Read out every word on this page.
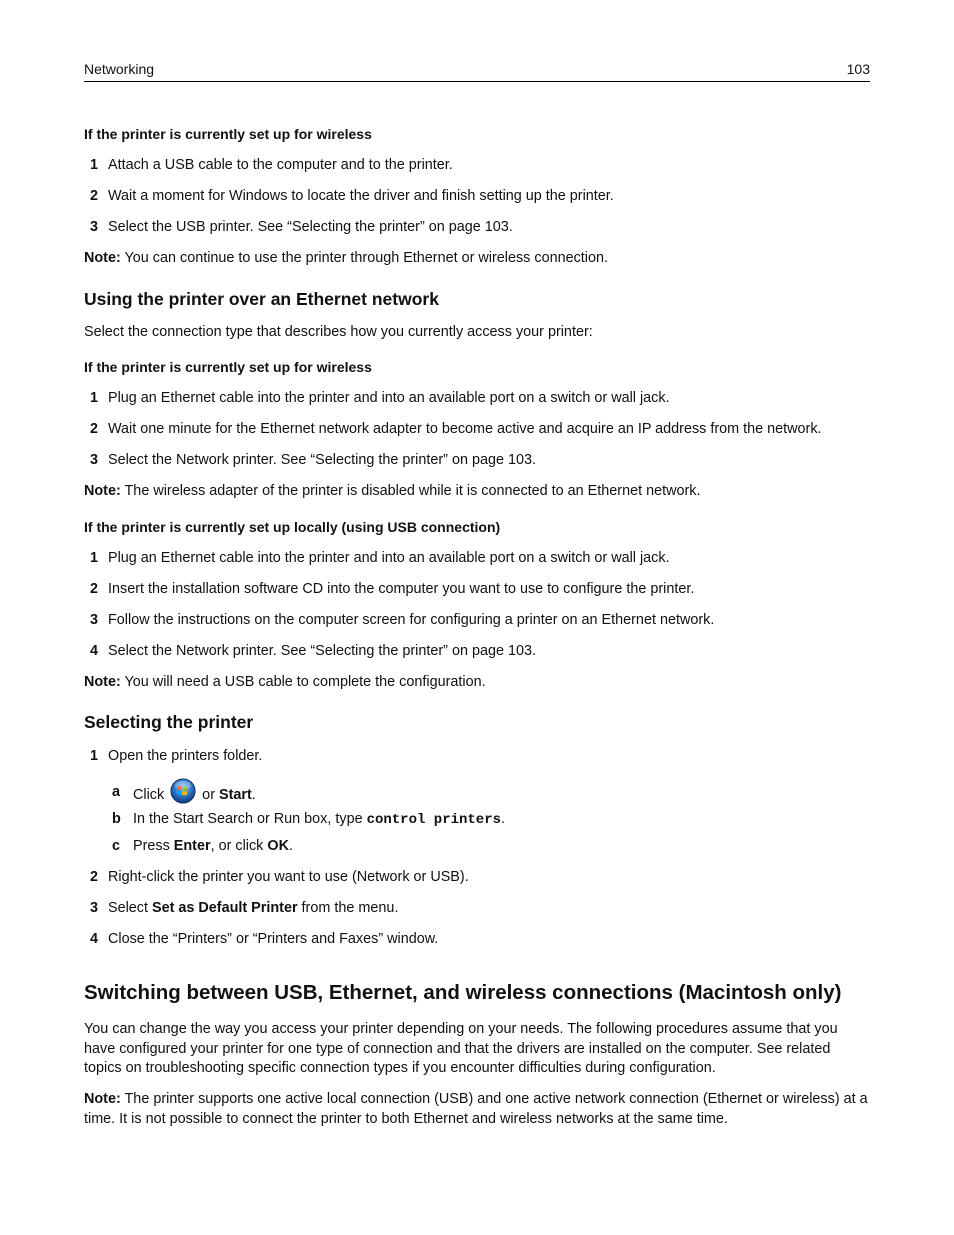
Networking	103
If the printer is currently set up for wireless
1 Attach a USB cable to the computer and to the printer.
2 Wait a moment for Windows to locate the driver and finish setting up the printer.
3 Select the USB printer. See “Selecting the printer” on page 103.
Note: You can continue to use the printer through Ethernet or wireless connection.
Using the printer over an Ethernet network
Select the connection type that describes how you currently access your printer:
If the printer is currently set up for wireless
1 Plug an Ethernet cable into the printer and into an available port on a switch or wall jack.
2 Wait one minute for the Ethernet network adapter to become active and acquire an IP address from the network.
3 Select the Network printer. See “Selecting the printer” on page 103.
Note: The wireless adapter of the printer is disabled while it is connected to an Ethernet network.
If the printer is currently set up locally (using USB connection)
1 Plug an Ethernet cable into the printer and into an available port on a switch or wall jack.
2 Insert the installation software CD into the computer you want to use to configure the printer.
3 Follow the instructions on the computer screen for configuring a printer on an Ethernet network.
4 Select the Network printer. See “Selecting the printer” on page 103.
Note: You will need a USB cable to complete the configuration.
Selecting the printer
1 Open the printers folder.
a Click  or Start.
b In the Start Search or Run box, type control printers.
c Press Enter, or click OK.
2 Right-click the printer you want to use (Network or USB).
3 Select Set as Default Printer from the menu.
4 Close the “Printers” or “Printers and Faxes” window.
Switching between USB, Ethernet, and wireless connections (Macintosh only)
You can change the way you access your printer depending on your needs. The following procedures assume that you have configured your printer for one type of connection and that the drivers are installed on the computer. See related topics on troubleshooting specific connection types if you encounter difficulties during configuration.
Note: The printer supports one active local connection (USB) and one active network connection (Ethernet or wireless) at a time. It is not possible to connect the printer to both Ethernet and wireless networks at the same time.
